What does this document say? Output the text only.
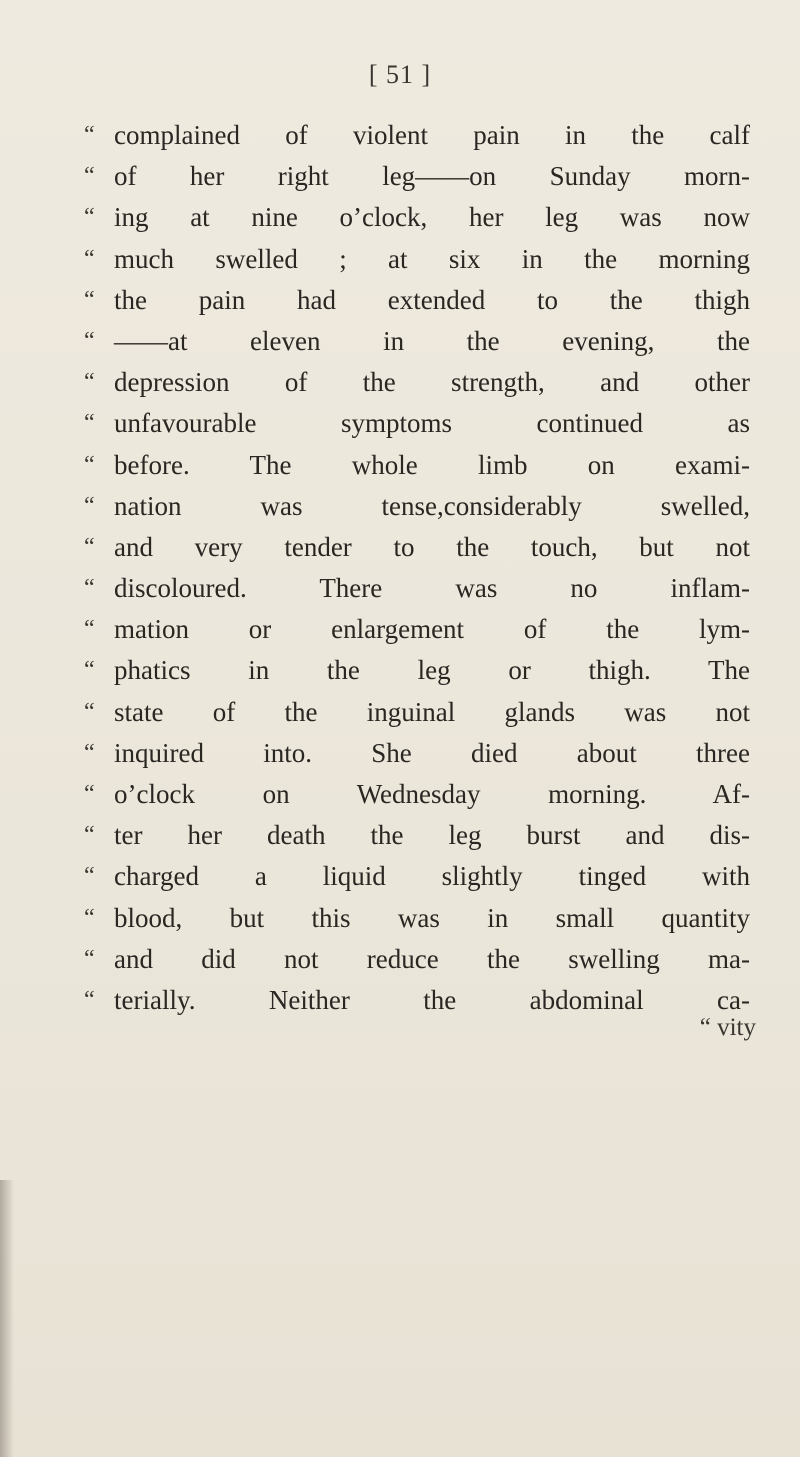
[ 51 ]
“ complained of violent pain in the calf
“ of her right leg——on Sunday morn-
“ ing at nine o’clock, her leg was now
“ much swelled ; at six in the morning
“ the pain had extended to the thigh
“ ——at eleven in the evening, the
“ depression of the strength, and other
“ unfavourable symptoms continued as
“ before. The whole limb on exami-
“ nation was tense,considerably swelled,
“ and very tender to the touch, but not
“ discoloured. There was no inflam-
“ mation or enlargement of the lym-
“ phatics in the leg or thigh. The
“ state of the inguinal glands was not
“ inquired into. She died about three
“ o’clock on Wednesday morning. Af-
“ ter her death the leg burst and dis-
“ charged a liquid slightly tinged with
“ blood, but this was in small quantity
“ and did not reduce the swelling ma-
“ terially. Neither the abdominal ca-
“ vity
